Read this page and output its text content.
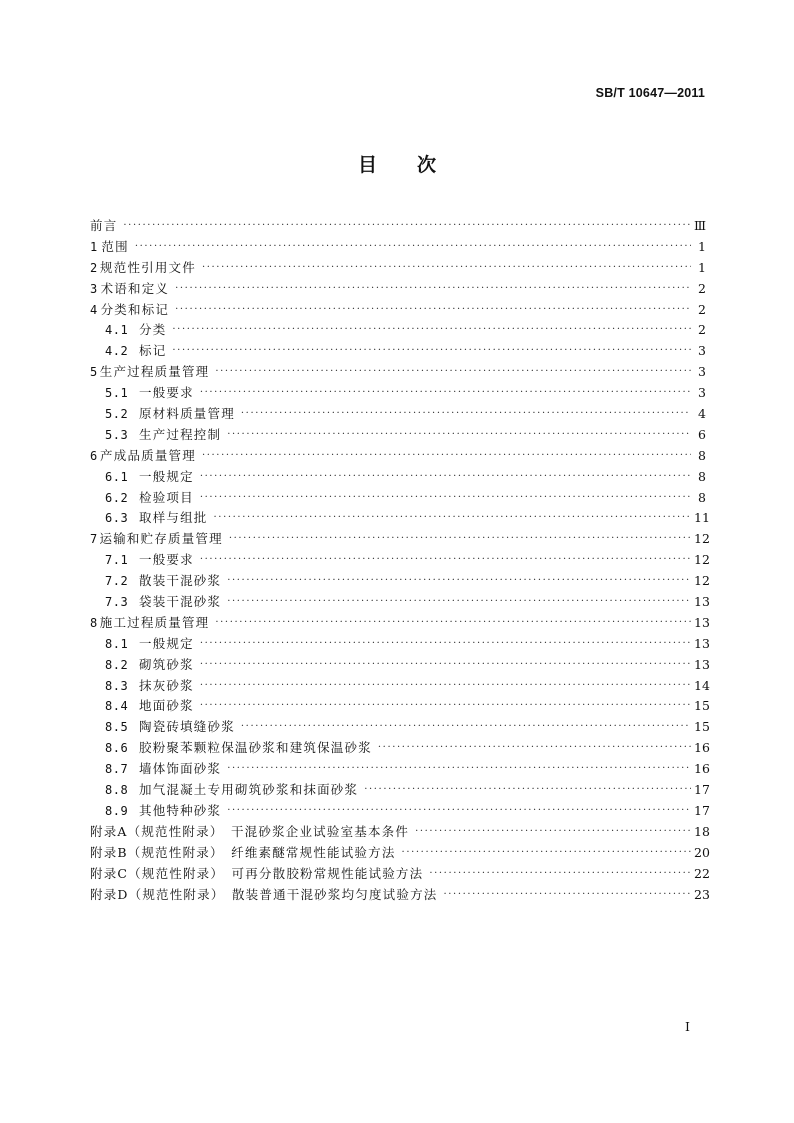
SB/T 10647—2011
目次
前言 ·····	Ⅲ
1 范围 ·····	1
2 规范性引用文件 ·····	1
3 术语和定义 ·····	2
4 分类和标记 ·····	2
4.1 分类 ·····	2
4.2 标记 ·····	3
5 生产过程质量管理 ·····	3
5.1 一般要求 ·····	3
5.2 原材料质量管理 ·····	4
5.3 生产过程控制 ·····	6
6 产成品质量管理 ·····	8
6.1 一般规定 ·····	8
6.2 检验项目 ·····	8
6.3 取样与组批 ·····	11
7 运输和贮存质量管理 ·····	12
7.1 一般要求 ·····	12
7.2 散装干混砂浆 ·····	12
7.3 袋装干混砂浆 ·····	13
8 施工过程质量管理 ·····	13
8.1 一般规定 ·····	13
8.2 砌筑砂浆 ·····	13
8.3 抹灰砂浆 ·····	14
8.4 地面砂浆 ·····	15
8.5 陶瓷砖填缝砂浆 ·····	15
8.6 胶粉聚苯颗粒保温砂浆和建筑保温砂浆 ·····	16
8.7 墙体饰面砂浆 ·····	16
8.8 加气混凝土专用砌筑砂浆和抹面砂浆 ·····	17
8.9 其他特种砂浆 ·····	17
附录A（规范性附录）　干混砂浆企业试验室基本条件 ·····	18
附录B（规范性附录）　纤维素醚常规性能试验方法 ·····	20
附录C（规范性附录）　可再分散胶粉常规性能试验方法 ·····	22
附录D（规范性附录）　散装普通干混砂浆均匀度试验方法 ·····	23
Ⅰ
